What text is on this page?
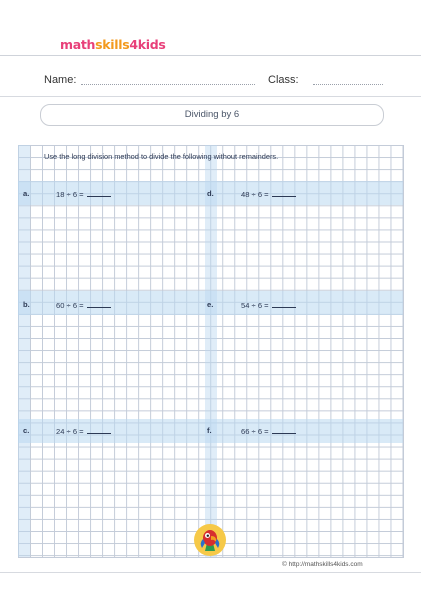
mathskills4kids
Name:	Class:
Dividing by 6
Use the long division method to divide the following without remainders.
a.	18 ÷ 6 =	d.	48 ÷ 6 =
b.	60 ÷ 6 =	e.	54 ÷ 6 =
c.	24 ÷ 6 =	f.	66 ÷ 6 =
© http://mathskills4kids.com
